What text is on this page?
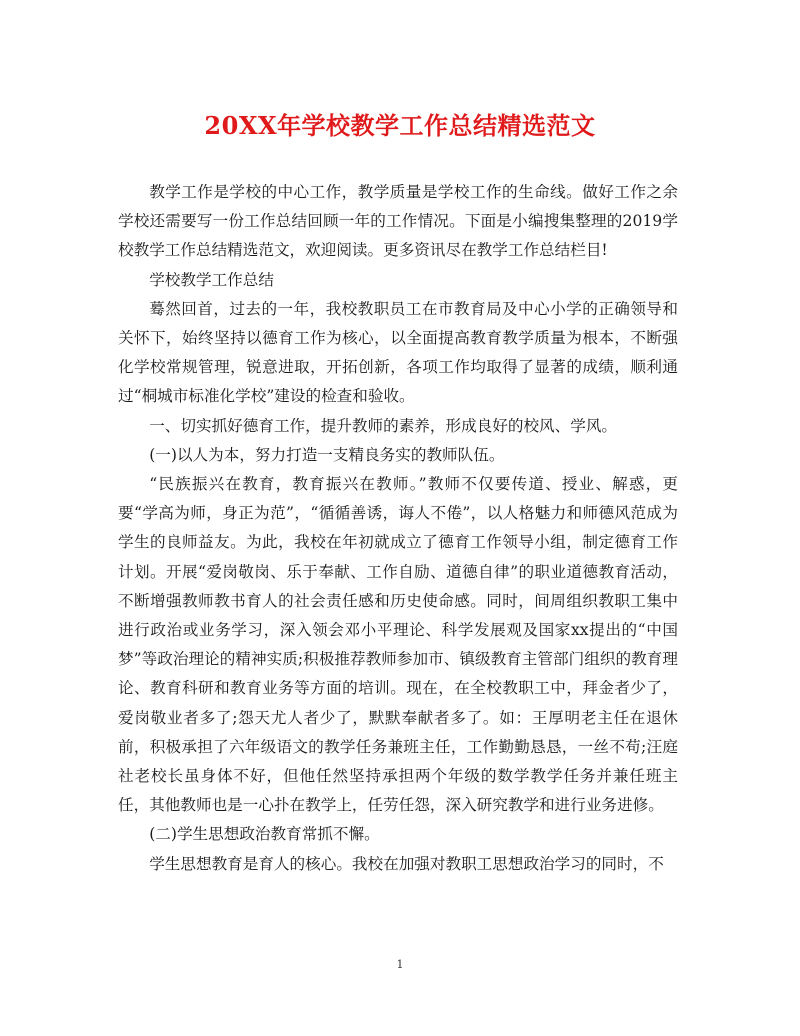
20XX年学校教学工作总结精选范文

教学工作是学校的中心工作，教学质量是学校工作的生命线。做好工作之余学校还需要写一份工作总结回顾一年的工作情况。下面是小编搜集整理的2019学校教学工作总结精选范文，欢迎阅读。更多资讯尽在教学工作总结栏目!

学校教学工作总结

蓦然回首，过去的一年，我校教职员工在市教育局及中心小学的正确领导和关怀下，始终坚持以德育工作为核心，以全面提高教育教学质量为根本，不断强化学校常规管理，锐意进取，开拓创新，各项工作均取得了显著的成绩，顺利通过“桐城市标准化学校”建设的检查和验收。

一、切实抓好德育工作，提升教师的素养，形成良好的校风、学风。

(一)以人为本，努力打造一支精良务实的教师队伍。

“民族振兴在教育，教育振兴在教师。”教师不仅要传道、授业、解惑，更要“学高为师，身正为范”，“循循善诱，诲人不倦”，以人格魅力和师德风范成为学生的良师益友。为此，我校在年初就成立了德育工作领导小组，制定德育工作计划。开展“爱岗敬岗、乐于奉献、工作自励、道德自律”的职业道德教育活动，不断增强教师教书育人的社会责任感和历史使命感。同时，间周组织教职工集中进行政治或业务学习，深入领会邓小平理论、科学发展观及国家xx提出的“中国梦”等政治理论的精神实质;积极推荐教师参加市、镇级教育主管部门组织的教育理论、教育科研和教育业务等方面的培训。现在，在全校教职工中，拜金者少了，爱岗敬业者多了;怨天尤人者少了，默默奉献者多了。如：王厚明老主任在退休前，积极承担了六年级语文的教学任务兼班主任，工作勤勤恳恳，一丝不苟;汪庭社老校长虽身体不好，但他任然坚持承担两个年级的数学教学任务并兼任班主任，其他教师也是一心扑在教学上，任劳任怨，深入研究教学和进行业务进修。

(二)学生思想政治教育常抓不懈。

学生思想教育是育人的核心。我校在加强对教职工思想政治学习的同时，不

1
